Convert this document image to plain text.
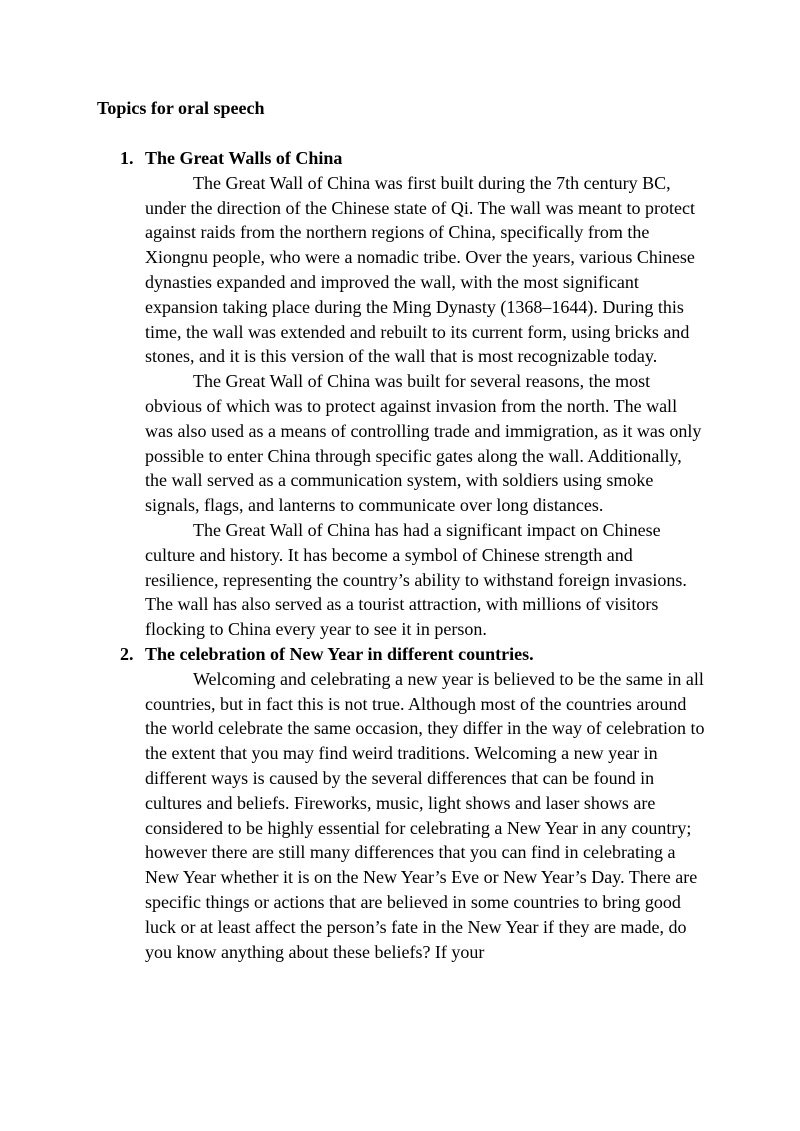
Topics for oral speech
1. The Great Walls of China

The Great Wall of China was first built during the 7th century BC, under the direction of the Chinese state of Qi. The wall was meant to protect against raids from the northern regions of China, specifically from the Xiongnu people, who were a nomadic tribe. Over the years, various Chinese dynasties expanded and improved the wall, with the most significant expansion taking place during the Ming Dynasty (1368–1644). During this time, the wall was extended and rebuilt to its current form, using bricks and stones, and it is this version of the wall that is most recognizable today.

The Great Wall of China was built for several reasons, the most obvious of which was to protect against invasion from the north. The wall was also used as a means of controlling trade and immigration, as it was only possible to enter China through specific gates along the wall. Additionally, the wall served as a communication system, with soldiers using smoke signals, flags, and lanterns to communicate over long distances.

The Great Wall of China has had a significant impact on Chinese culture and history. It has become a symbol of Chinese strength and resilience, representing the country’s ability to withstand foreign invasions. The wall has also served as a tourist attraction, with millions of visitors flocking to China every year to see it in person.

2. The celebration of New Year in different countries.

Welcoming and celebrating a new year is believed to be the same in all countries, but in fact this is not true. Although most of the countries around the world celebrate the same occasion, they differ in the way of celebration to the extent that you may find weird traditions. Welcoming a new year in different ways is caused by the several differences that can be found in cultures and beliefs. Fireworks, music, light shows and laser shows are considered to be highly essential for celebrating a New Year in any country; however there are still many differences that you can find in celebrating a New Year whether it is on the New Year’s Eve or New Year’s Day. There are specific things or actions that are believed in some countries to bring good luck or at least affect the person’s fate in the New Year if they are made, do you know anything about these beliefs? If your
